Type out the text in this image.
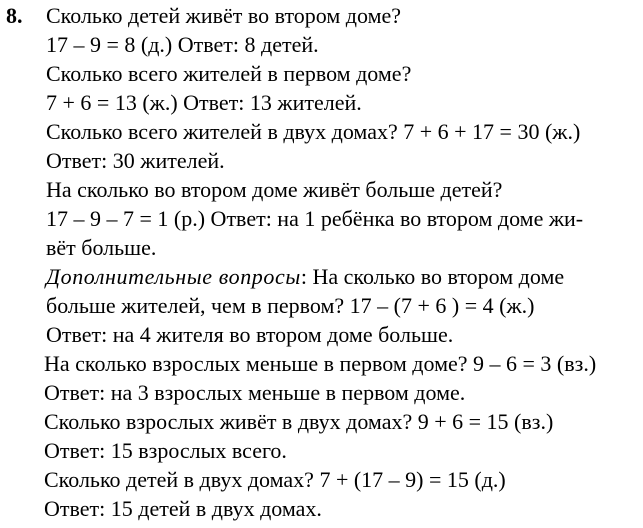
8. Сколько детей живёт во втором доме?
17 – 9 = 8 (д.) Ответ: 8 детей.
Сколько всего жителей в первом доме?
7 + 6 = 13 (ж.) Ответ: 13 жителей.
Сколько всего жителей в двух домах? 7 + 6 + 17 = 30 (ж.)
Ответ: 30 жителей.
На сколько во втором доме живёт больше детей?
17 – 9 – 7 = 1 (р.) Ответ: на 1 ребёнка во втором доме жи-
вёт больше.
Дополнительные вопросы: На сколько во втором доме
больше жителей, чем в первом? 17 – (7 + 6 ) = 4 (ж.)
Ответ: на 4 жителя во втором доме больше.
На сколько взрослых меньше в первом доме? 9 – 6 = 3 (вз.)
Ответ: на 3 взрослых меньше в первом доме.
Сколько взрослых живёт в двух домах? 9 + 6 = 15 (вз.)
Ответ: 15 взрослых всего.
Сколько детей в двух домах? 7 + (17 – 9) = 15 (д.)
Ответ: 15 детей в двух домах.
